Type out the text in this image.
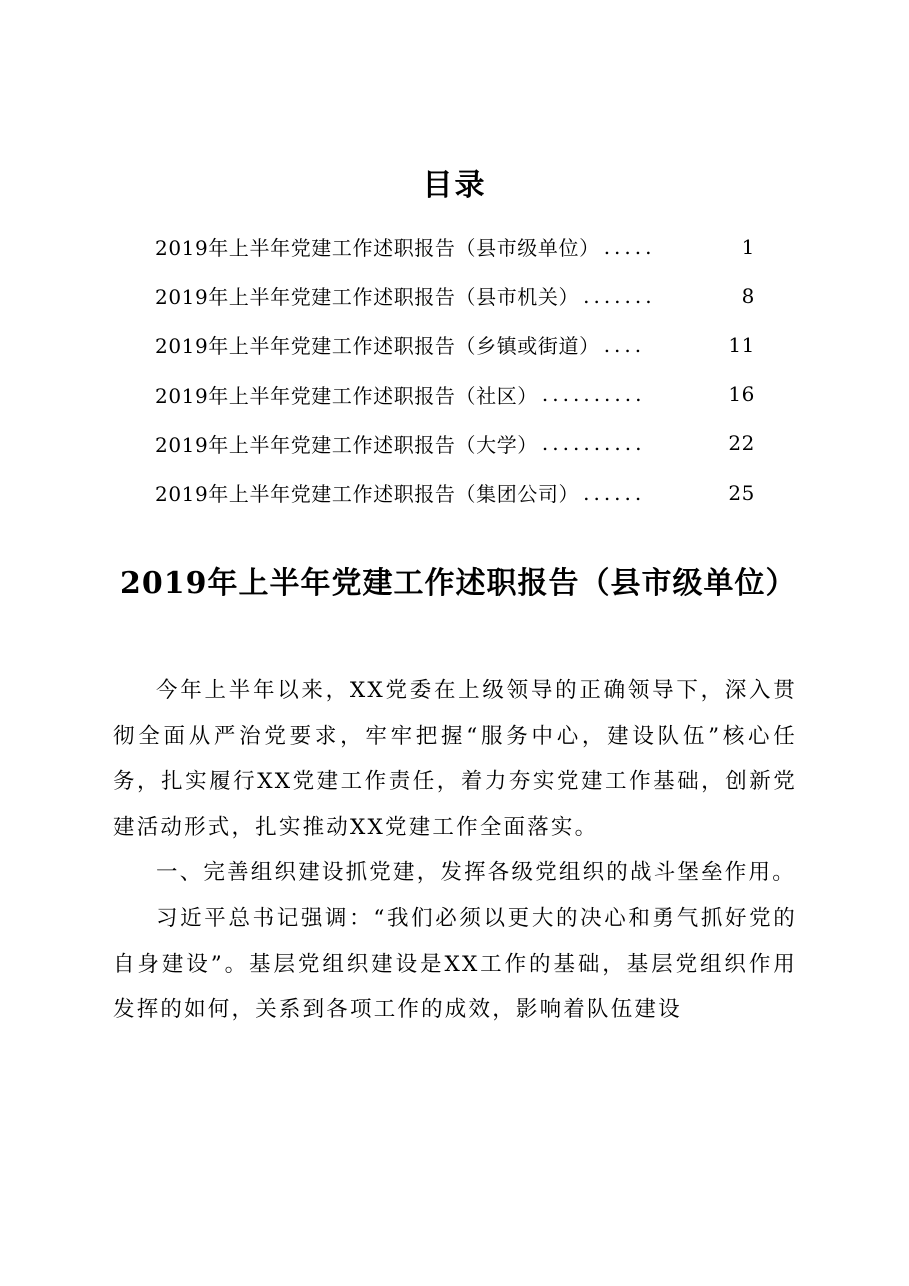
目录
2019年上半年党建工作述职报告（县市级单位） .....	1
2019年上半年党建工作述职报告（县市机关） .......	8
2019年上半年党建工作述职报告（乡镇或街道） ....	11
2019年上半年党建工作述职报告（社区） ..........	16
2019年上半年党建工作述职报告（大学） ..........	22
2019年上半年党建工作述职报告（集团公司） ......	25
2019年上半年党建工作述职报告（县市级单位）

今年上半年以来，XX党委在上级领导的正确领导下，深入贯彻全面从严治党要求，牢牢把握“服务中心，建设队伍”核心任务，扎实履行XX党建工作责任，着力夯实党建工作基础，创新党建活动形式，扎实推动XX党建工作全面落实。

一、完善组织建设抓党建，发挥各级党组织的战斗堡垒作用。

习近平总书记强调：“我们必须以更大的决心和勇气抓好党的自身建设”。基层党组织建设是XX工作的基础，基层党组织作用发挥的如何，关系到各项工作的成效，影响着队伍建设
